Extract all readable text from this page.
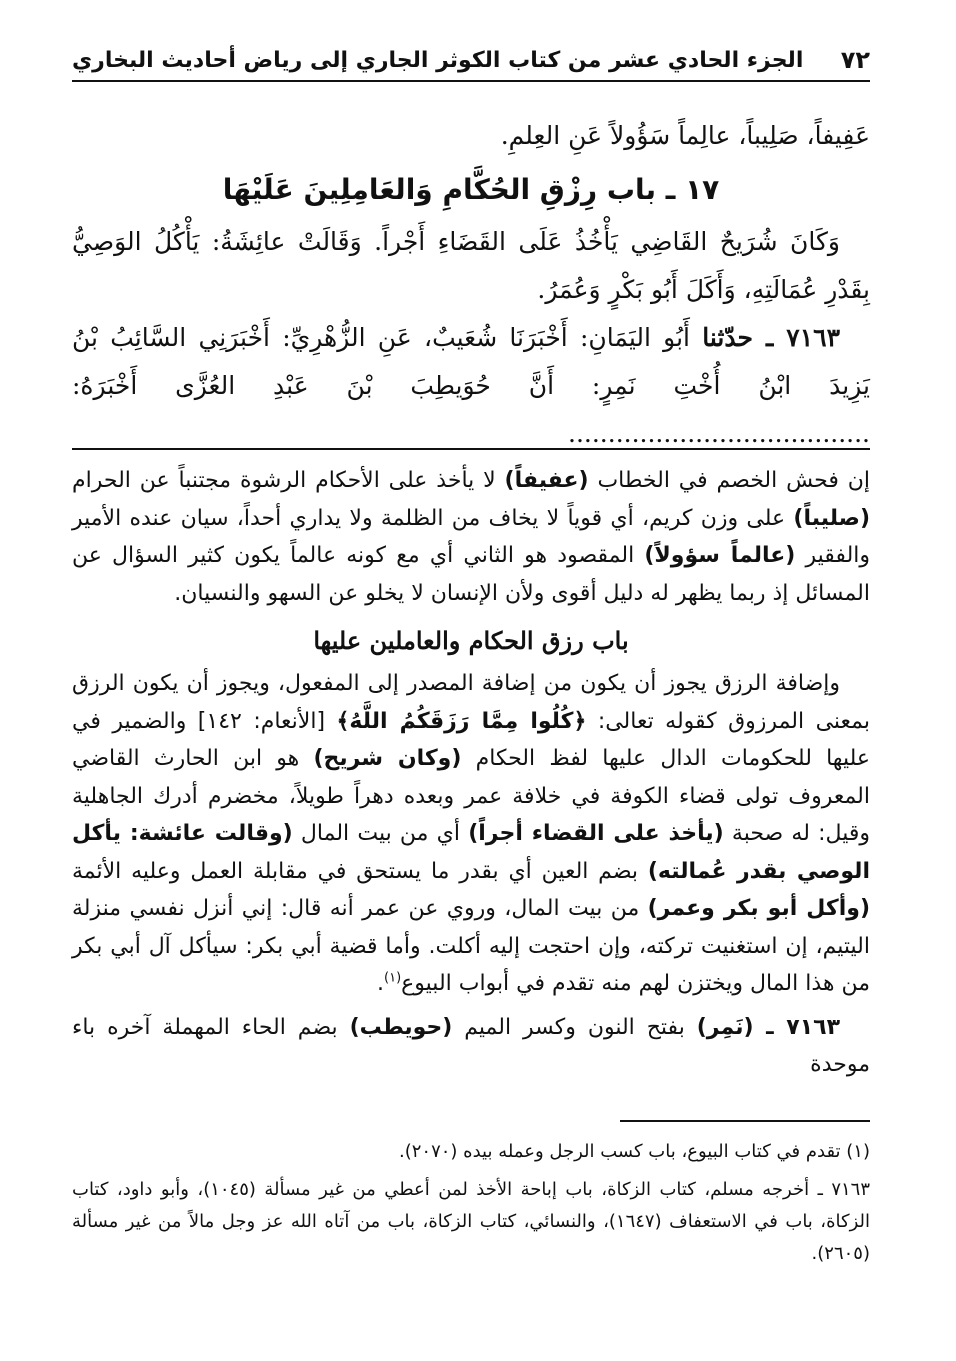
٧٢
الجزء الحادي عشر من كتاب الكوثر الجاري إلى رياض أحاديث البخاري

عَفِيفاً، صَلِيباً، عالِماً سَؤُولاً عَنِ العِلمِ.

١٧ ـ باب رِزْقِ الحُكَّامِ وَالعَامِلِينَ عَلَيْهَا

وَكَانَ شُرَيحٌ القَاضِي يَأْخُذُ عَلَى القَضَاءِ أَجْراً. وَقَالَتْ عائِشَةُ: يَأْكُلُ الوَصِيُّ بِقَدْرِ عُمَالَتِهِ، وَأَكَلَ أَبُو بَكْرٍ وَعُمَرُ.

٧١٦٣ ـ حدّثنا أَبُو اليَمَانِ: أَخْبَرَنَا شُعَيبٌ، عَنِ الزُّهْرِيِّ: أَخْبَرَنِي السَّائِبُ بْنُ يَزِيدَ ابْنُ أُخْتِ نَمِرٍ: أَنَّ حُوَيطِبَ بْنَ عَبْدِ العُزَّى أَخْبَرَهُ: ......................................

إن فحش الخصم في الخطاب (عفيفاً) لا يأخذ على الأحكام الرشوة مجتنباً عن الحرام (صليباً) على وزن كريم، أي قوياً لا يخاف من الظلمة ولا يداري أحداً، سيان عنده الأمير والفقير (عالماً سؤولاً) المقصود هو الثاني أي مع كونه عالماً يكون كثير السؤال عن المسائل إذ ربما يظهر له دليل أقوى ولأن الإنسان لا يخلو عن السهو والنسيان.

باب رزق الحكام والعاملين عليها

وإضافة الرزق يجوز أن يكون من إضافة المصدر إلى المفعول، ويجوز أن يكون الرزق بمعنى المرزوق كقوله تعالى: ﴿كُلُوا مِمَّا رَزَقَكُمُ اللَّهُ﴾ [الأنعام: ١٤٢] والضمير في عليها للحكومات الدال عليها لفظ الحكام (وكان شريح) هو ابن الحارث القاضي المعروف تولى قضاء الكوفة في خلافة عمر وبعده دهراً طويلاً، مخضرم أدرك الجاهلية وقيل: له صحبة (يأخذ على القضاء أجراً) أي من بيت المال (وقالت عائشة: يأكل الوصي بقدر عُمالته) بضم العين أي بقدر ما يستحق في مقابلة العمل وعليه الأئمة (وأكل أبو بكر وعمر) من بيت المال، وروي عن عمر أنه قال: إني أنزل نفسي منزلة اليتيم، إن استغنيت تركته، وإن احتجت إليه أكلت. وأما قضية أبي بكر: سيأكل آل أبي بكر من هذا المال ويختزن لهم منه تقدم في أبواب البيوع$^{(١)}$.

٧١٦٣ ـ (نَمِر) بفتح النون وكسر الميم (حويطب) بضم الحاء المهملة آخره باء موحدة

(١) تقدم في كتاب البيوع، باب كسب الرجل وعمله بيده (٢٠٧٠).

٧١٦٣ ـ أخرجه مسلم، كتاب الزكاة، باب إباحة الأخذ لمن أعطي من غير مسألة (١٠٤٥)، وأبو داود، كتاب الزكاة، باب في الاستعفاف (١٦٤٧)، والنسائي، كتاب الزكاة، باب من آتاه الله عز وجل مالاً من غير مسألة (٢٦٠٥).
